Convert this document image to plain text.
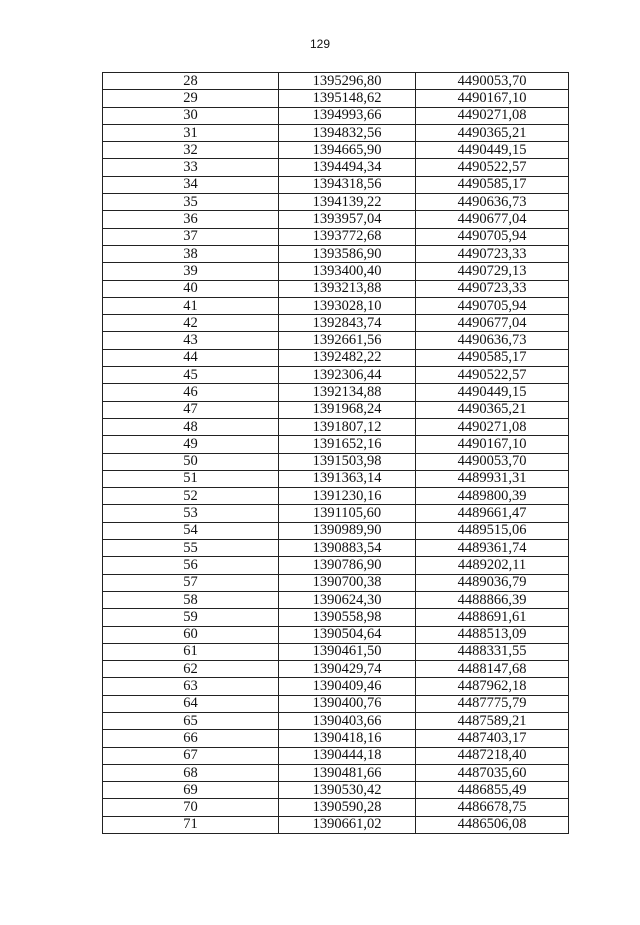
129
28	1395296,80	4490053,70
29	1395148,62	4490167,10
30	1394993,66	4490271,08
31	1394832,56	4490365,21
32	1394665,90	4490449,15
33	1394494,34	4490522,57
34	1394318,56	4490585,17
35	1394139,22	4490636,73
36	1393957,04	4490677,04
37	1393772,68	4490705,94
38	1393586,90	4490723,33
39	1393400,40	4490729,13
40	1393213,88	4490723,33
41	1393028,10	4490705,94
42	1392843,74	4490677,04
43	1392661,56	4490636,73
44	1392482,22	4490585,17
45	1392306,44	4490522,57
46	1392134,88	4490449,15
47	1391968,24	4490365,21
48	1391807,12	4490271,08
49	1391652,16	4490167,10
50	1391503,98	4490053,70
51	1391363,14	4489931,31
52	1391230,16	4489800,39
53	1391105,60	4489661,47
54	1390989,90	4489515,06
55	1390883,54	4489361,74
56	1390786,90	4489202,11
57	1390700,38	4489036,79
58	1390624,30	4488866,39
59	1390558,98	4488691,61
60	1390504,64	4488513,09
61	1390461,50	4488331,55
62	1390429,74	4488147,68
63	1390409,46	4487962,18
64	1390400,76	4487775,79
65	1390403,66	4487589,21
66	1390418,16	4487403,17
67	1390444,18	4487218,40
68	1390481,66	4487035,60
69	1390530,42	4486855,49
70	1390590,28	4486678,75
71	1390661,02	4486506,08
